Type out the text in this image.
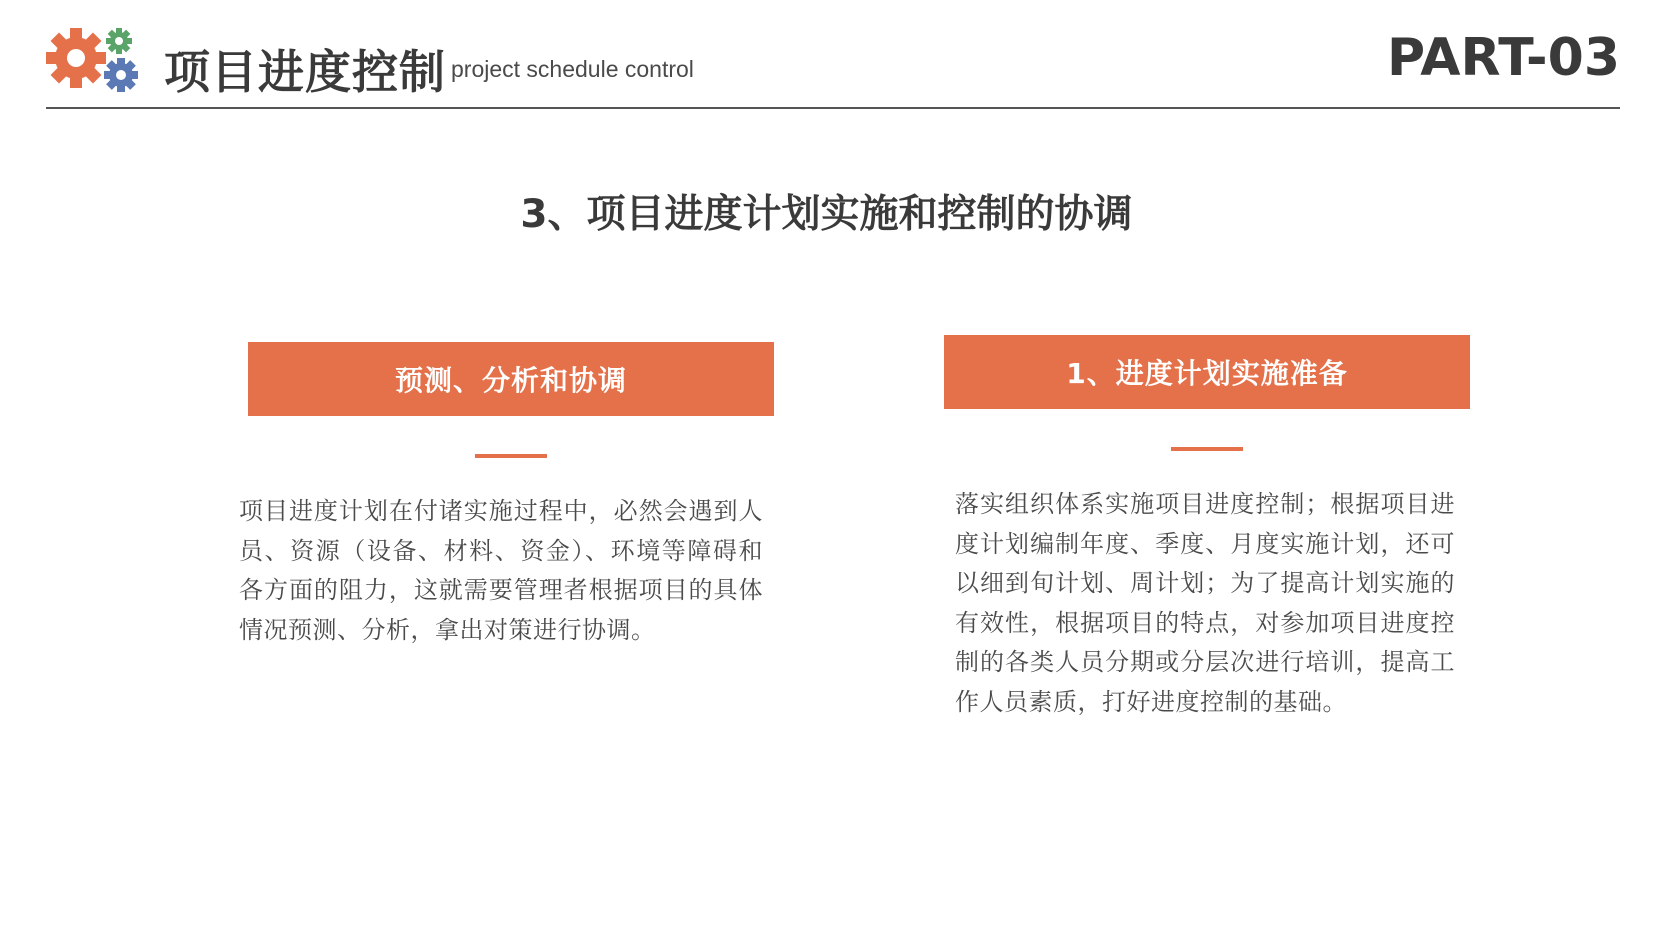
项目进度控制 project schedule control	PART-03
3、项目进度计划实施和控制的协调
预测、分析和协调
项目进度计划在付诸实施过程中，必然会遇到人员、资源（设备、材料、资金）、环境等障碍和各方面的阻力，这就需要管理者根据项目的具体情况预测、分析，拿出对策进行协调。
1、进度计划实施准备
落实组织体系实施项目进度控制；根据项目进度计划编制年度、季度、月度实施计划，还可以细到旬计划、周计划；为了提高计划实施的有效性，根据项目的特点，对参加项目进度控制的各类人员分期或分层次进行培训，提高工作人员素质，打好进度控制的基础。
